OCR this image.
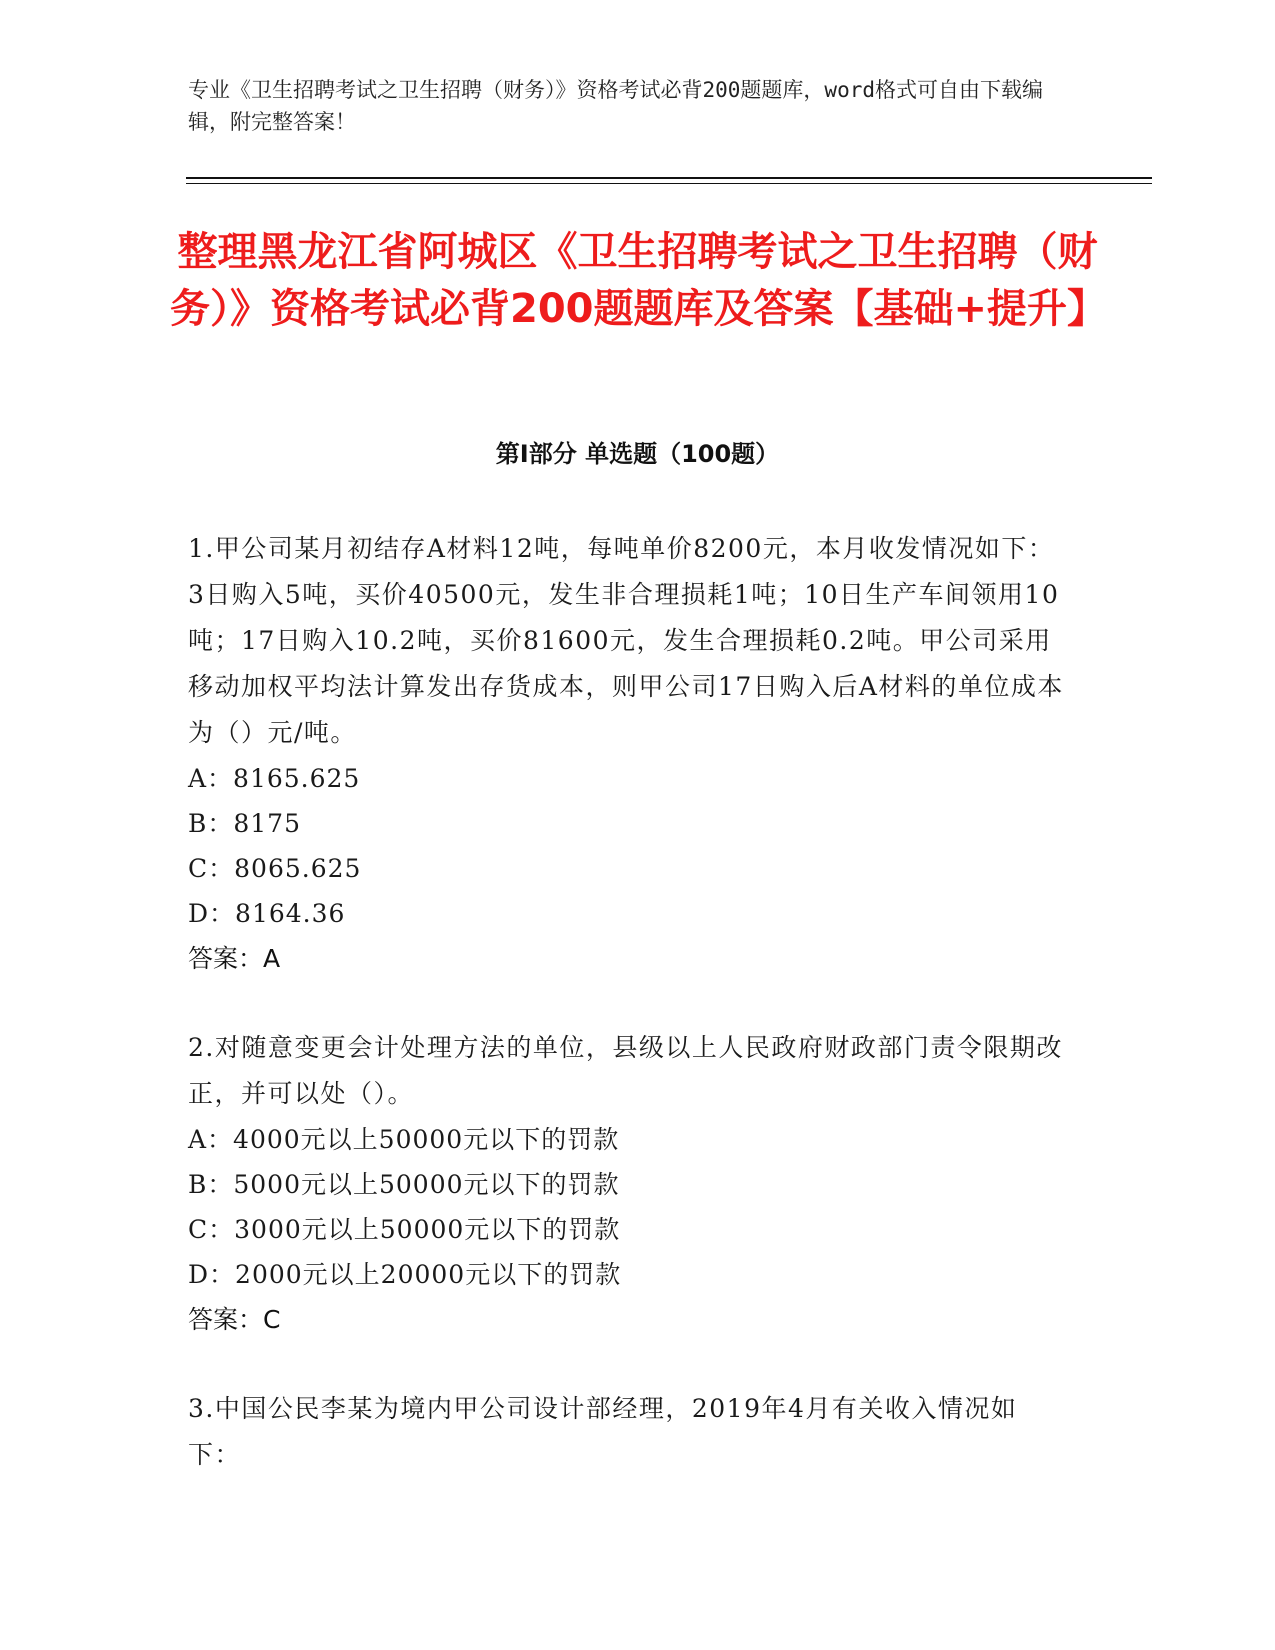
专业《卫生招聘考试之卫生招聘（财务）》资格考试必背200题题库，word格式可自由下载编辑，附完整答案！

整理黑龙江省阿城区《卫生招聘考试之卫生招聘（财务）》资格考试必背200题题库及答案【基础+提升】
第Ⅰ部分 单选题（100题）

1.甲公司某月初结存A材料12吨，每吨单价8200元，本月收发情况如下：3日购入5吨，买价40500元，发生非合理损耗1吨；10日生产车间领用10吨；17日购入10.2吨，买价81600元，发生合理损耗0.2吨。甲公司采用移动加权平均法计算发出存货成本，则甲公司17日购入后A材料的单位成本为（）元/吨。

A：8165.625
B：8175
C：8065.625
D：8164.36

答案：A

2.对随意变更会计处理方法的单位，县级以上人民政府财政部门责令限期改正，并可以处（）。

A：4000元以上50000元以下的罚款
B：5000元以上50000元以下的罚款
C：3000元以上50000元以下的罚款
D：2000元以上20000元以下的罚款

答案：C

3.中国公民李某为境内甲公司设计部经理，2019年4月有关收入情况如下：
